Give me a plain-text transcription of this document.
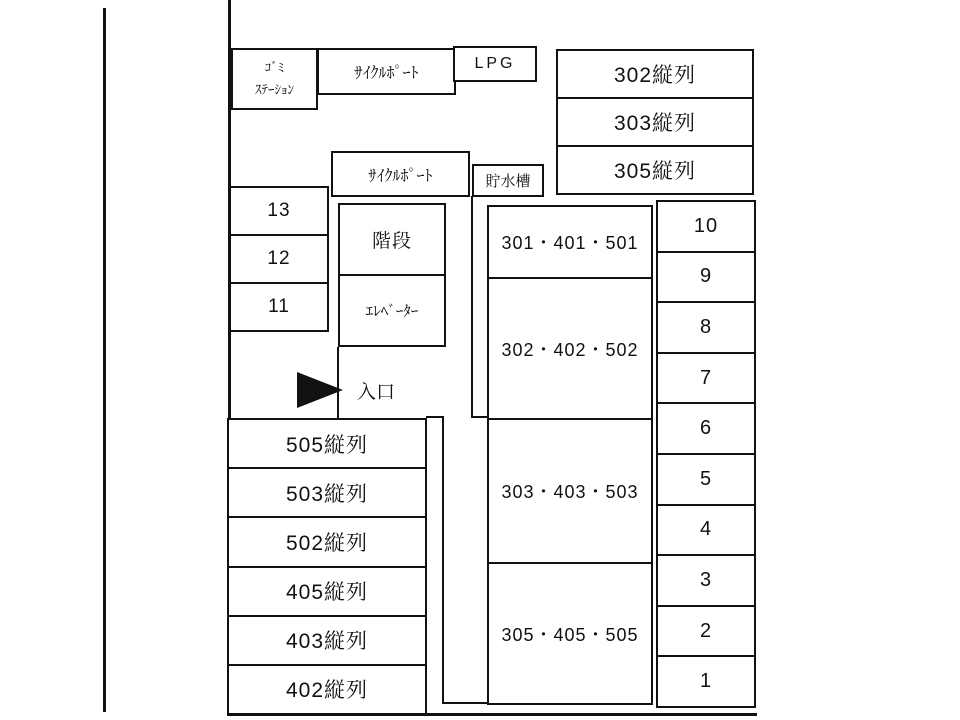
ｺﾞﾐ
ｽﾃｰｼｮﾝ
ｻｲｸﾙﾎﾟｰﾄ
LPG
ｻｲｸﾙﾎﾟｰﾄ	貯水槽
302縦列
303縦列
305縦列
13
12
11
階段
ｴﾚﾍﾞｰﾀｰ
入口
301・401・501
302・402・502
303・403・503
305・405・505
10
9
8
7
6
5
4
3
2
1
505縦列
503縦列
502縦列
405縦列
403縦列
402縦列
